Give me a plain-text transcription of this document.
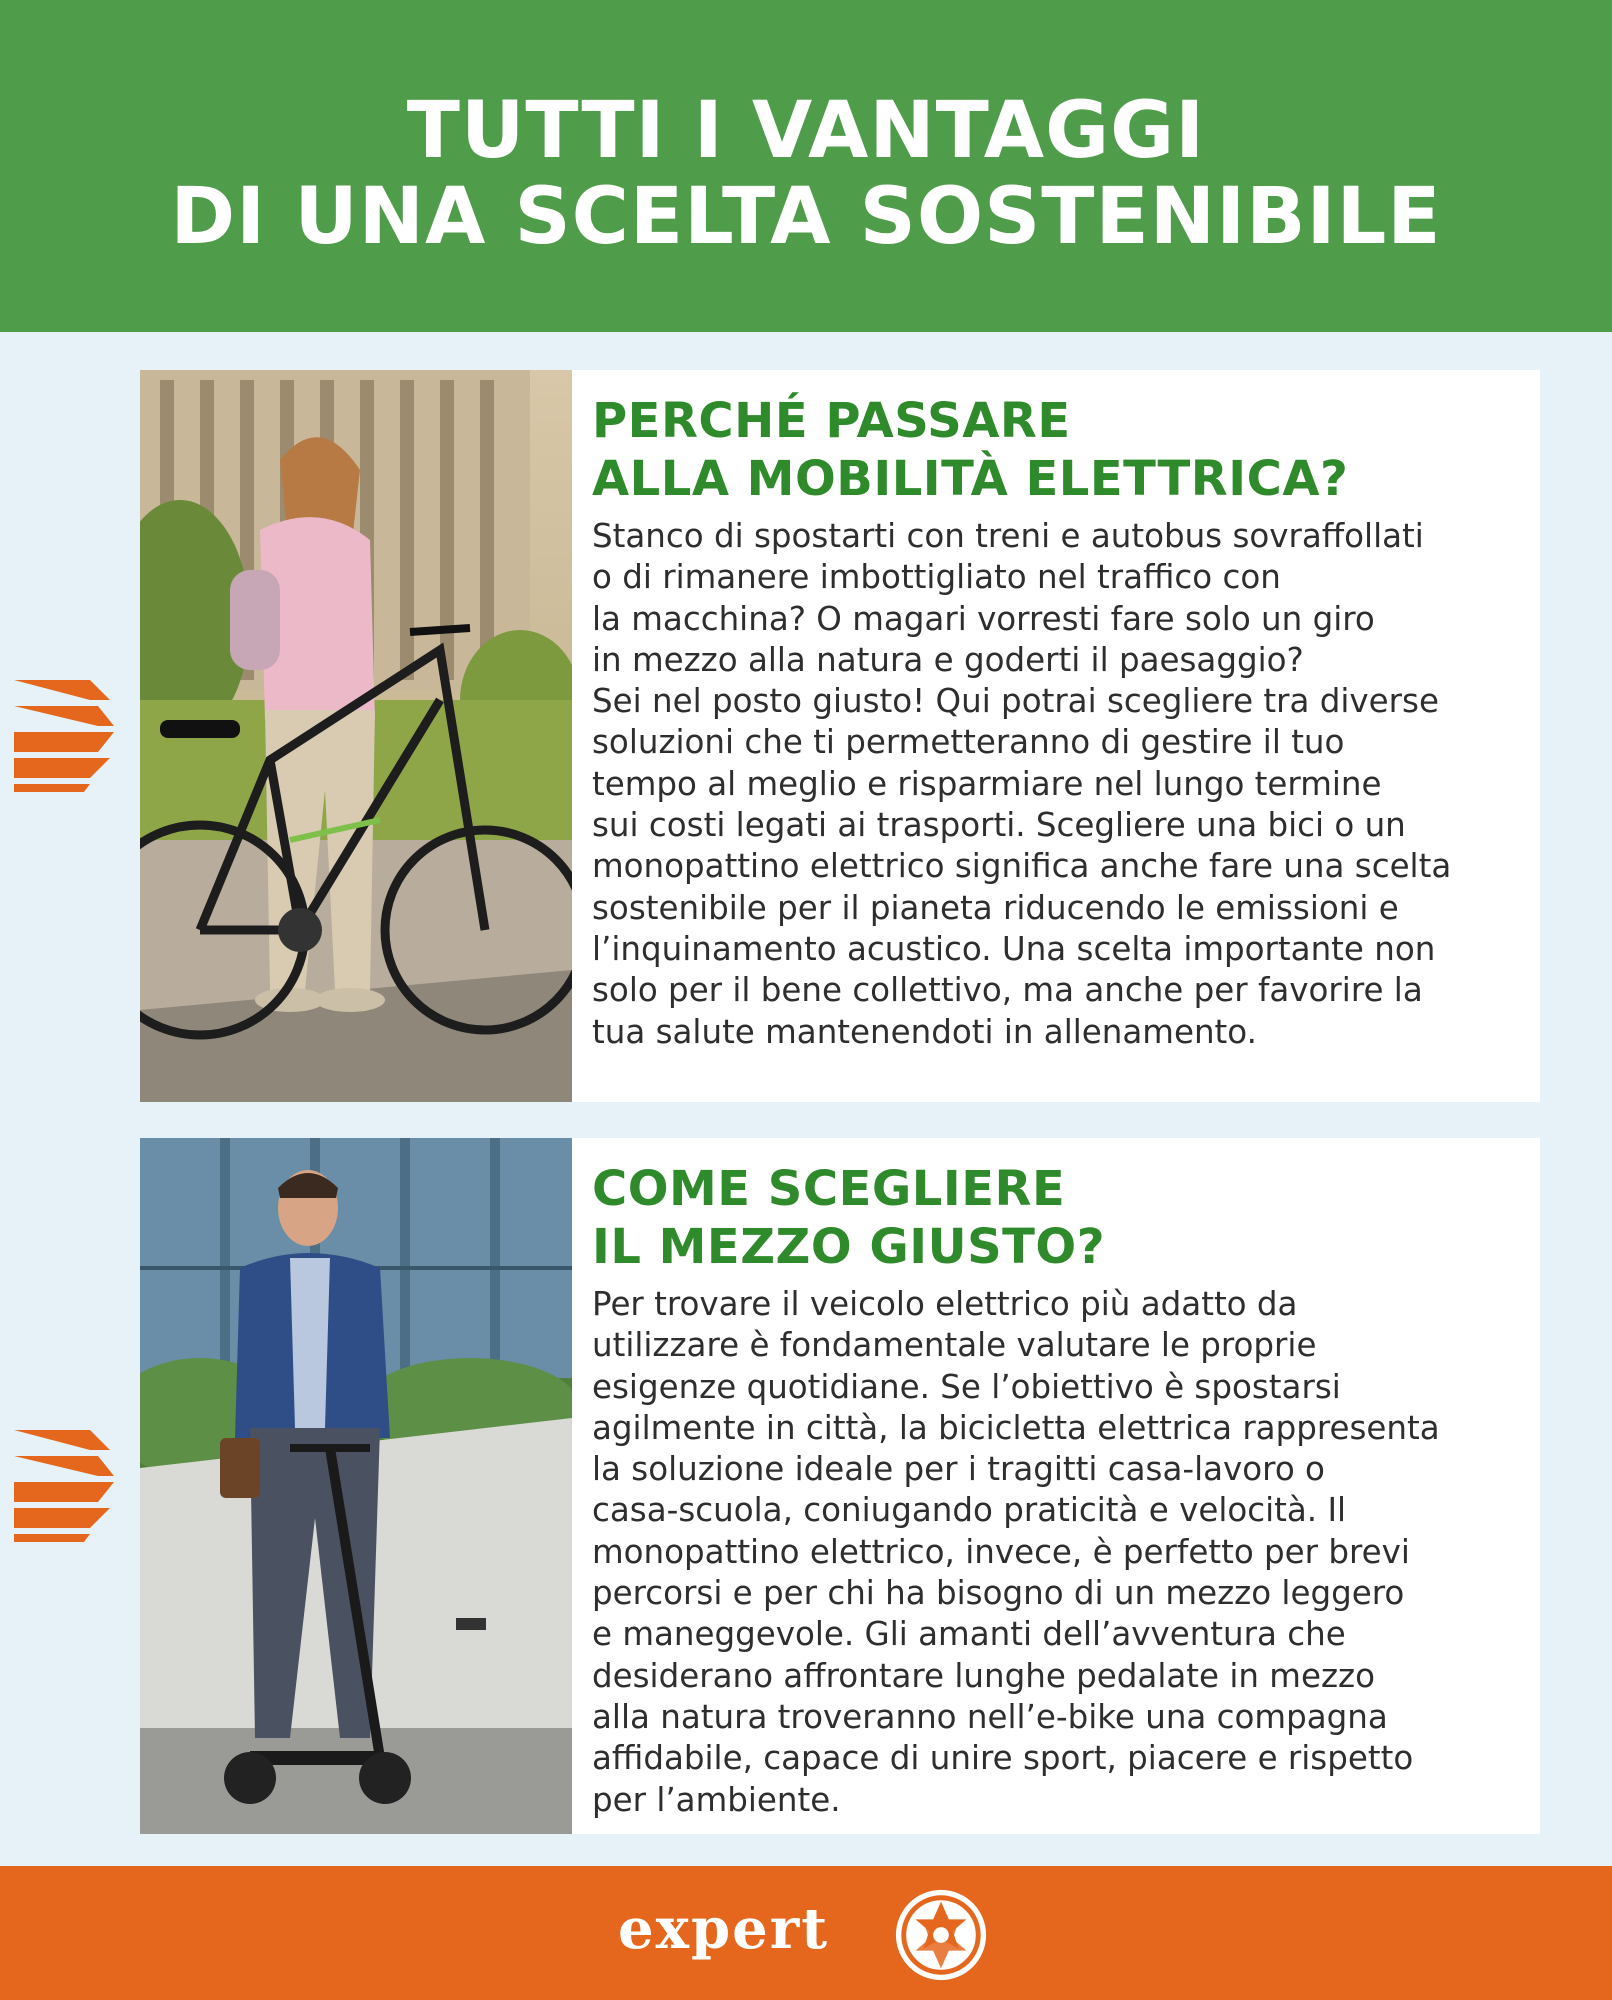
TUTTI I VANTAGGI
DI UNA SCELTA SOSTENIBILE
PERCHÉ PASSARE
ALLA MOBILITÀ ELETTRICA?

Stanco di spostarti con treni e autobus sovraffollati
o di rimanere imbottigliato nel traffico con
la macchina? O magari vorresti fare solo un giro
in mezzo alla natura e goderti il paesaggio?
Sei nel posto giusto! Qui potrai scegliere tra diverse
soluzioni che ti permetteranno di gestire il tuo
tempo al meglio e risparmiare nel lungo termine
sui costi legati ai trasporti. Scegliere una bici o un
monopattino elettrico significa anche fare una scelta
sostenibile per il pianeta riducendo le emissioni e
l’inquinamento acustico. Una scelta importante non
solo per il bene collettivo, ma anche per favorire la
tua salute mantenendoti in allenamento.

COME SCEGLIERE
IL MEZZO GIUSTO?

Per trovare il veicolo elettrico più adatto da
utilizzare è fondamentale valutare le proprie
esigenze quotidiane. Se l’obiettivo è spostarsi
agilmente in città, la bicicletta elettrica rappresenta
la soluzione ideale per i tragitti casa-lavoro o
casa-scuola, coniugando praticità e velocità. Il
monopattino elettrico, invece, è perfetto per brevi
percorsi e per chi ha bisogno di un mezzo leggero
e maneggevole. Gli amanti dell’avventura che
desiderano affrontare lunghe pedalate in mezzo
alla natura troveranno nell’e-bike una compagna
affidabile, capace di unire sport, piacere e rispetto
per l’ambiente.

expert
